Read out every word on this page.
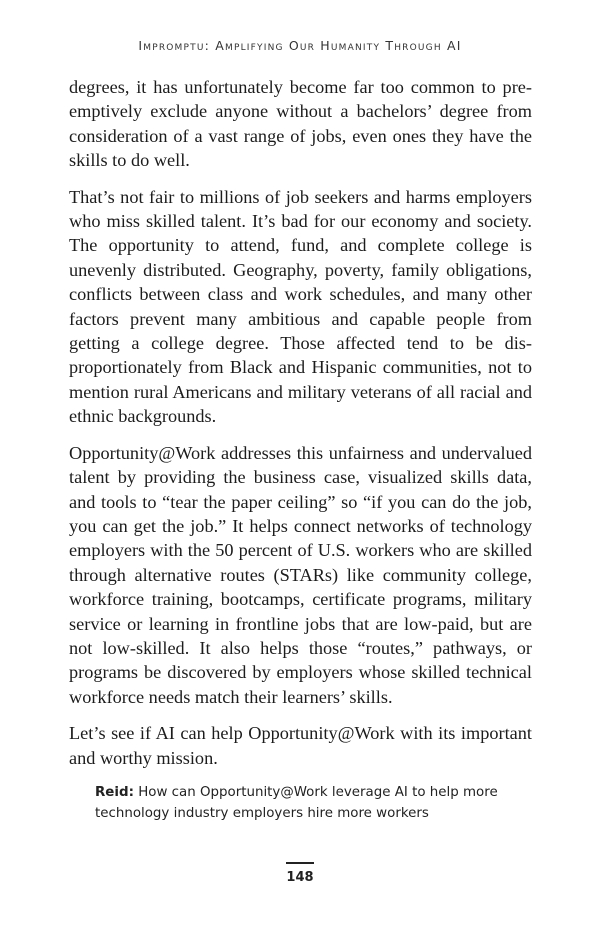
Impromptu: Amplifying Our Humanity Through AI

degrees, it has unfortunately become far too common to preemptively exclude anyone without a bachelors’ degree from consideration of a vast range of jobs, even ones they have the skills to do well.

That’s not fair to millions of job seekers and harms employers who miss skilled talent. It’s bad for our economy and society. The opportunity to attend, fund, and complete college is unevenly distributed. Geography, poverty, family obligations, conflicts between class and work schedules, and many other factors prevent many ambitious and capable people from getting a college degree. Those affected tend to be disproportionately from Black and Hispanic communities, not to mention rural Americans and military veterans of all racial and ethnic backgrounds.

Opportunity@Work addresses this unfairness and undervalued talent by providing the business case, visualized skills data, and tools to “tear the paper ceiling” so “if you can do the job, you can get the job.” It helps connect networks of technology employers with the 50 percent of U.S. workers who are skilled through alternative routes (STARs) like community college, workforce training, bootcamps, certificate programs, military service or learning in frontline jobs that are low-paid, but are not low-skilled. It also helps those “routes,” pathways, or programs be discovered by employers whose skilled technical workforce needs match their learners’ skills.

Let’s see if AI can help Opportunity@Work with its important and worthy mission.

Reid: How can Opportunity@Work leverage AI to help more technology industry employers hire more workers
148
